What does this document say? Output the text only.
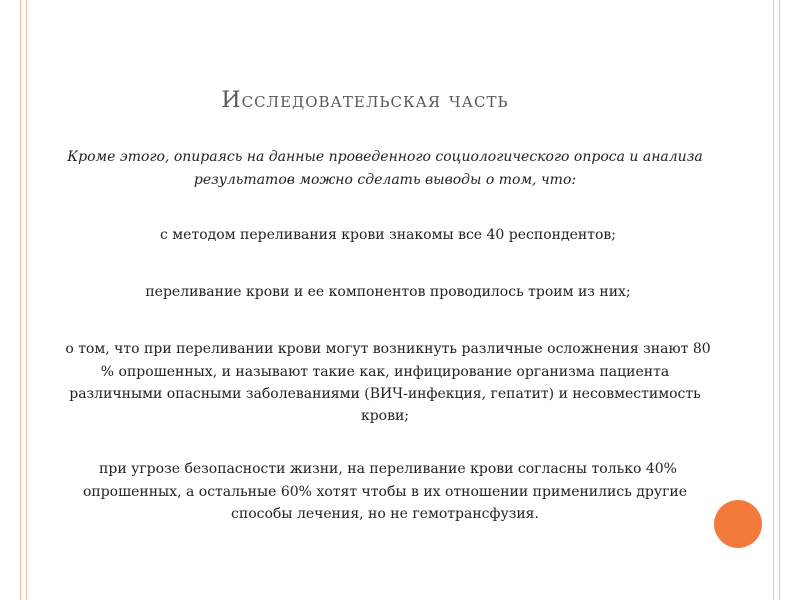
Исследовательская часть
Кроме этого, опираясь на данные проведенного социологического опроса и анализа результатов можно сделать выводы о том, что:
с методом переливания крови знакомы все 40 респондентов;
переливание крови и ее компонентов проводилось троим из них;
о том, что при переливании крови могут возникнуть различные осложнения знают 80 % опрошенных, и называют такие как, инфицирование организма пациента различными опасными заболеваниями (ВИЧ-инфекция, гепатит) и несовместимость крови;
при угрозе безопасности жизни, на переливание крови согласны только 40% опрошенных, а остальные 60% хотят чтобы в их отношении применились другие способы лечения, но не гемотрансфузия.
